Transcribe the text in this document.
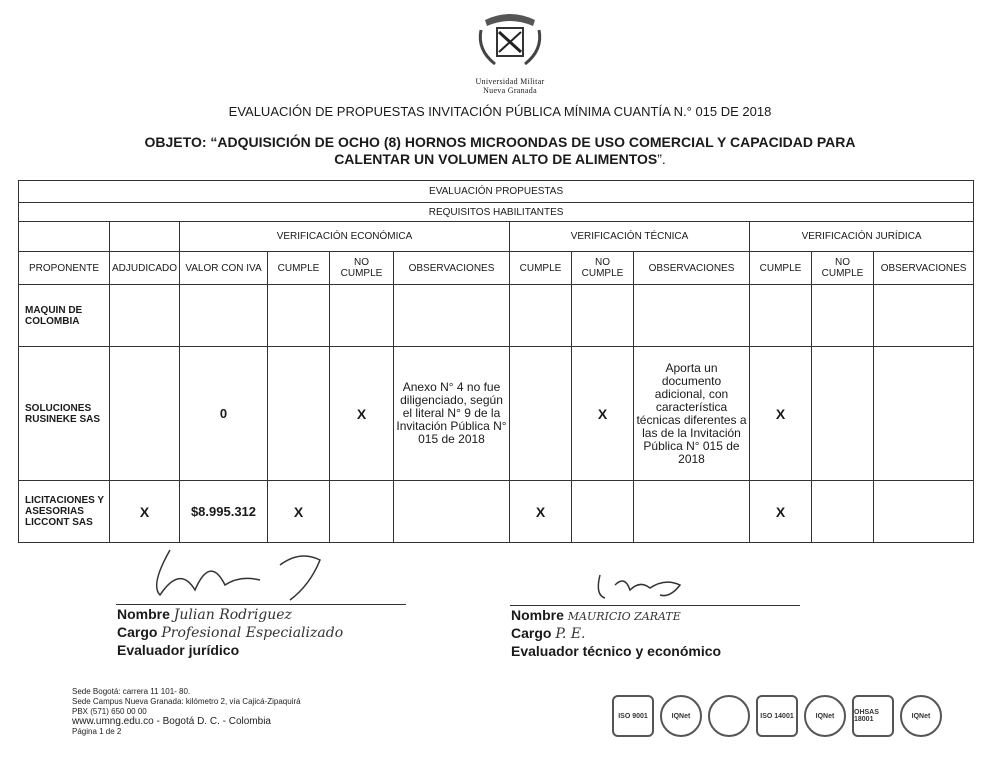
Universidad Militar
Nueva Granada
EVALUACIÓN DE PROPUESTAS INVITACIÓN PÚBLICA MÍNIMA CUANTÍA N.° 015 DE 2018
OBJETO: “ADQUISICIÓN DE OCHO (8) HORNOS MICROONDAS DE USO COMERCIAL Y CAPACIDAD PARA CALENTAR UN VOLUMEN ALTO DE ALIMENTOS”.
EVALUACIÓN PROPUESTAS											
REQUISITOS HABILITANTES											
		VERIFICACIÓN ECONÓMICA				VERIFICACIÓN TÉCNICA			VERIFICACIÓN JURÍDICA		
PROPONENTE	ADJUDICADO	VALOR CON IVA	CUMPLE	NO CUMPLE	OBSERVACIONES	CUMPLE	NO CUMPLE	OBSERVACIONES	CUMPLE	NO CUMPLE	OBSERVACIONES
MAQUIN DE COLOMBIA											
SOLUCIONES RUSINEKE SAS		0		X	Anexo N° 4 no fue diligenciado, según el literal N° 9 de la Invitación Pública N° 015 de 2018		X	Aporta un documento adicional, con característica técnicas diferentes a las de la Invitación Pública N° 015 de 2018	X		
LICITACIONES Y ASESORIAS LICCONT SAS	X	$8.995.312	X			X			X		
Nombre Julian Rodriguez
Cargo Profesional Especializado
Evaluador jurídico
Nombre MAURICIO ZARATE
Cargo P. E.
Evaluador técnico y económico
Sede Bogotá: carrera 11 101- 80.
Sede Campus Nueva Granada: kilómetro 2, vía Cajicá-Zipaquirá
PBX (571) 650 00 00
www.umng.edu.co - Bogotá D. C. - Colombia
Página 1 de 2
ISO 9001	IQNet	ISO 14001	IQNet	OHSAS 18001	IQNet
